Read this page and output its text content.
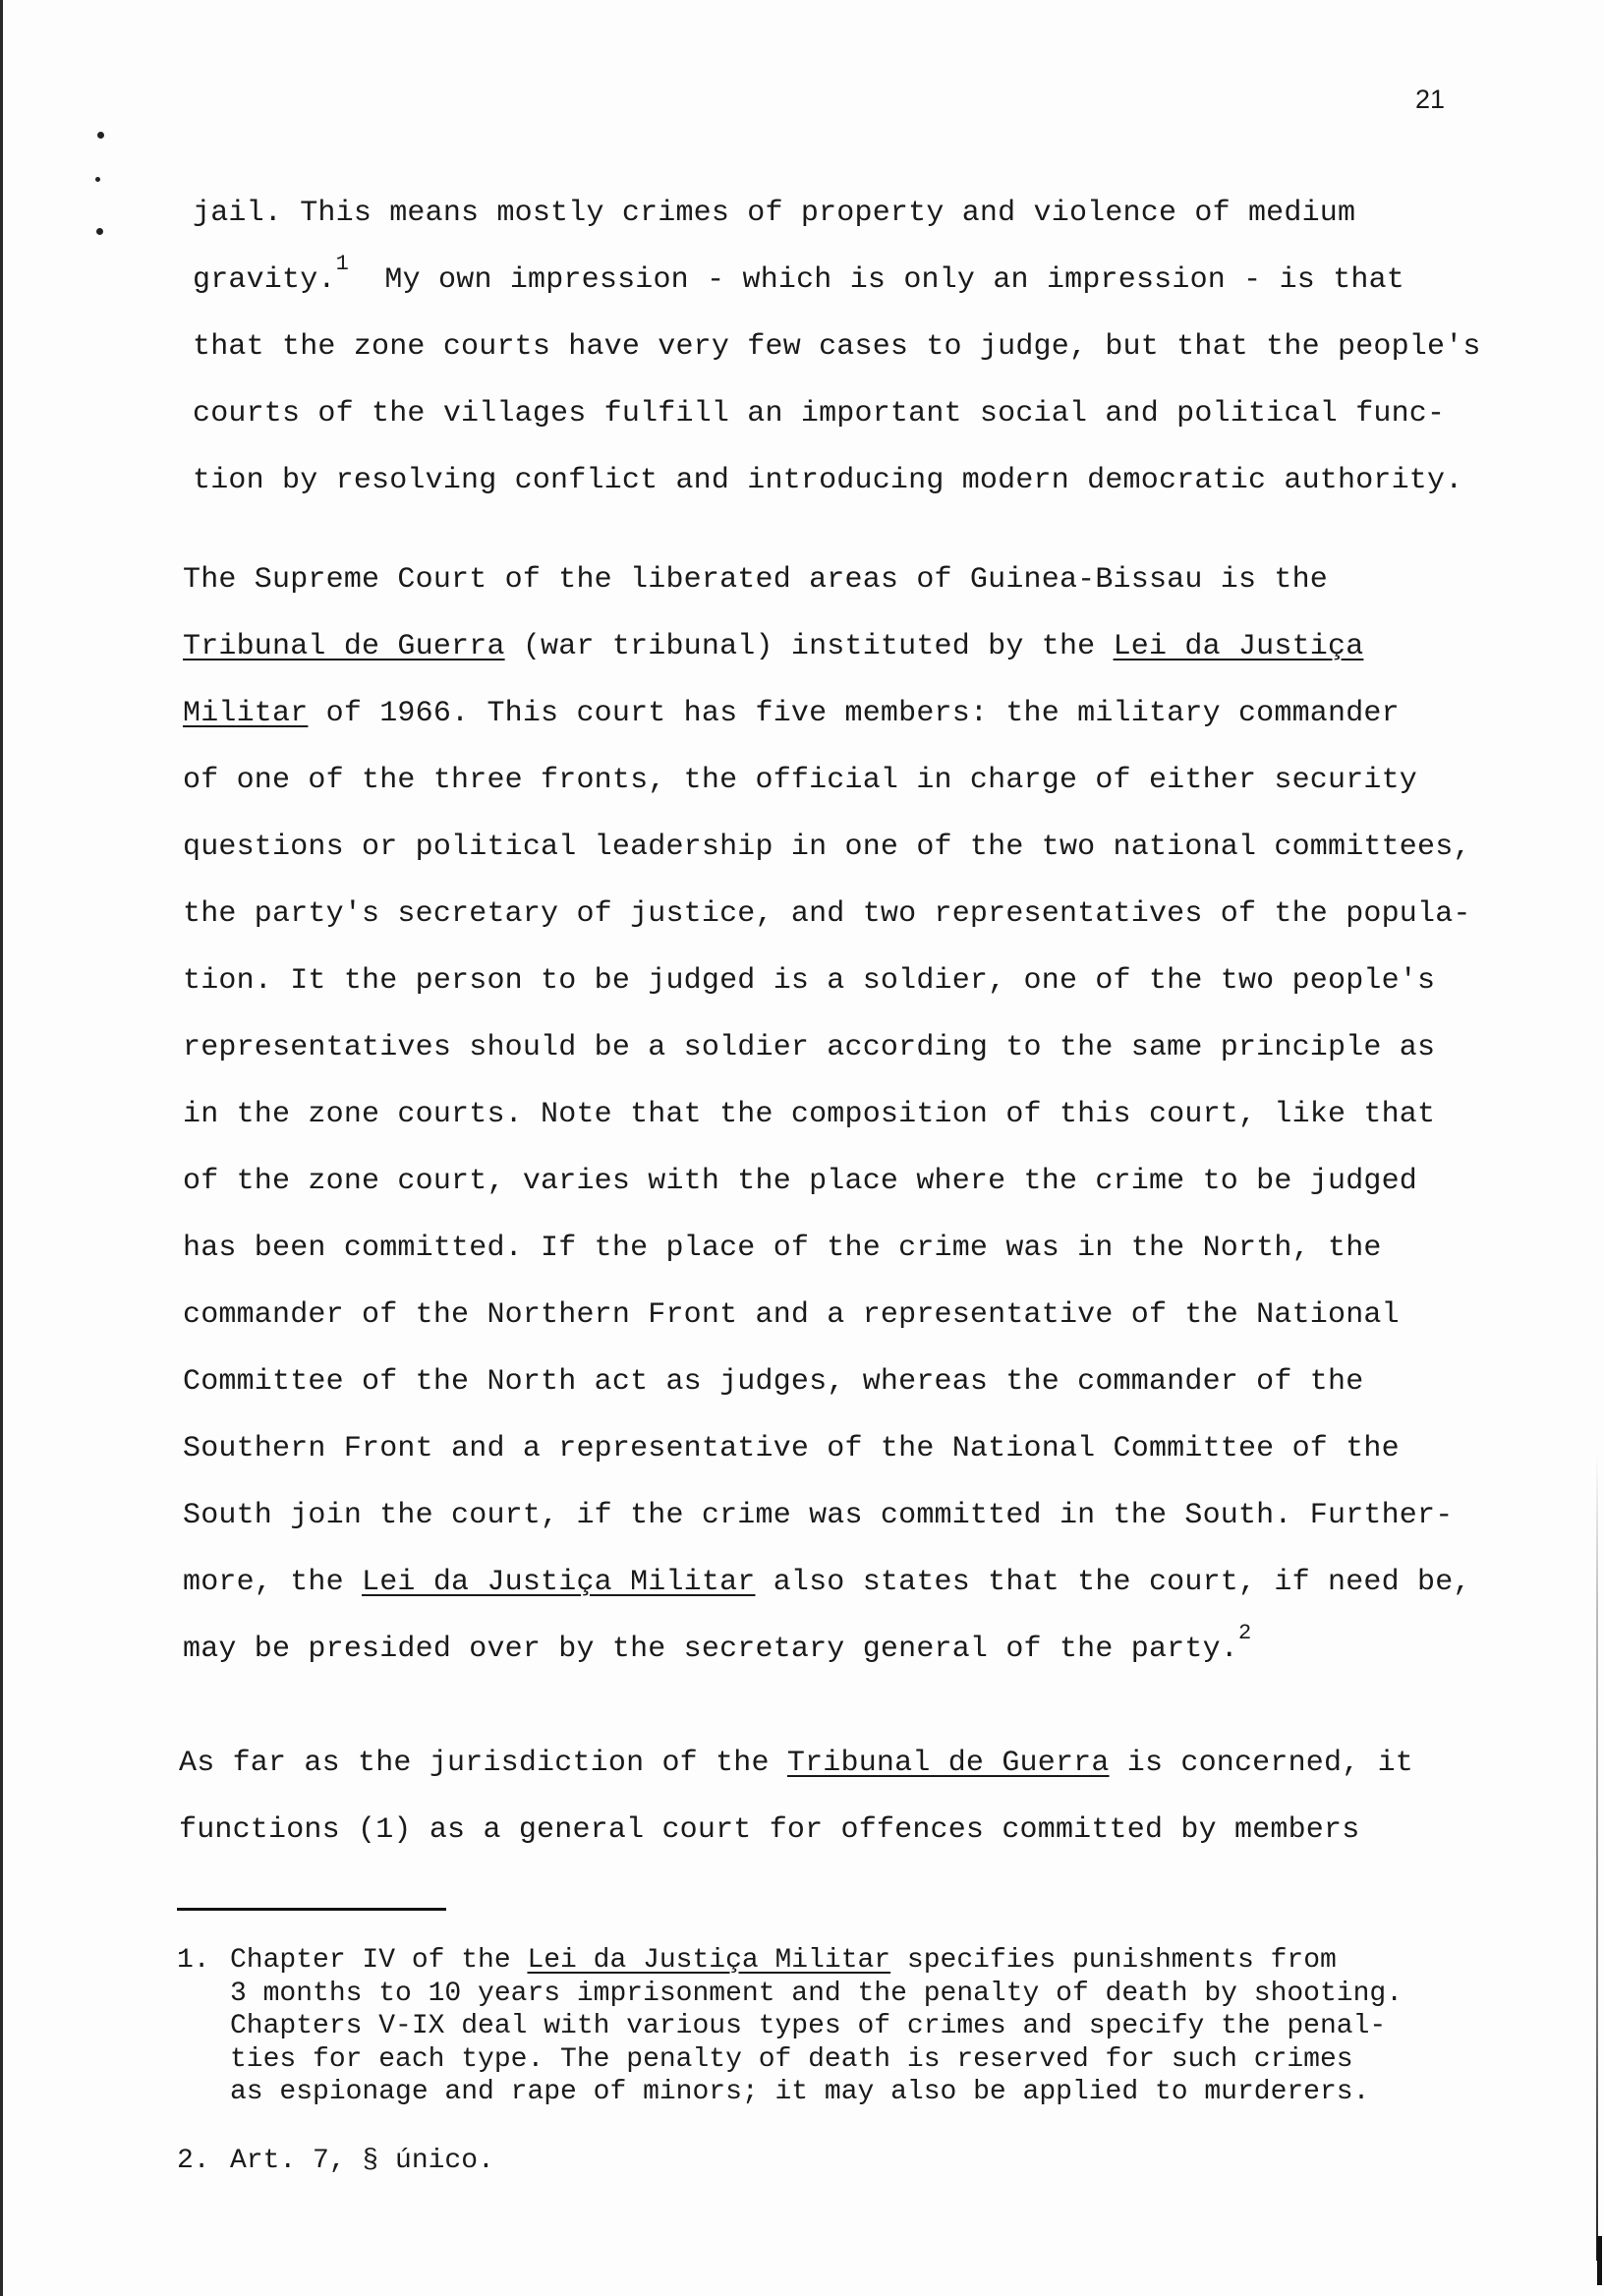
21
jail. This means mostly crimes of property and violence of medium
gravity.$^1$  My own impression - which is only an impression - is that
that the zone courts have very few cases to judge, but that the people's
courts of the villages fulfill an important social and political func-
tion by resolving conflict and introducing modern democratic authority.
The Supreme Court of the liberated areas of Guinea-Bissau is the
Tribunal de Guerra (war tribunal) instituted by the Lei da Justiça
Militar of 1966. This court has five members: the military commander
of one of the three fronts, the official in charge of either security
questions or political leadership in one of the two national committees,
the party's secretary of justice, and two representatives of the popula-
tion. It the person to be judged is a soldier, one of the two people's
representatives should be a soldier according to the same principle as
in the zone courts. Note that the composition of this court, like that
of the zone court, varies with the place where the crime to be judged
has been committed. If the place of the crime was in the North, the
commander of the Northern Front and a representative of the National
Committee of the North act as judges, whereas the commander of the
Southern Front and a representative of the National Committee of the
South join the court, if the crime was committed in the South. Further-
more, the Lei da Justiça Militar also states that the court, if need be,
may be presided over by the secretary general of the party.$^2$
As far as the jurisdiction of the Tribunal de Guerra is concerned, it
functions (1) as a general court for offences committed by members
1. Chapter IV of the Lei da Justiça Militar specifies punishments from
3 months to 10 years imprisonment and the penalty of death by shooting.
Chapters V-IX deal with various types of crimes and specify the penal-
ties for each type. The penalty of death is reserved for such crimes
as espionage and rape of minors; it may also be applied to murderers.
2. Art. 7, § único.
